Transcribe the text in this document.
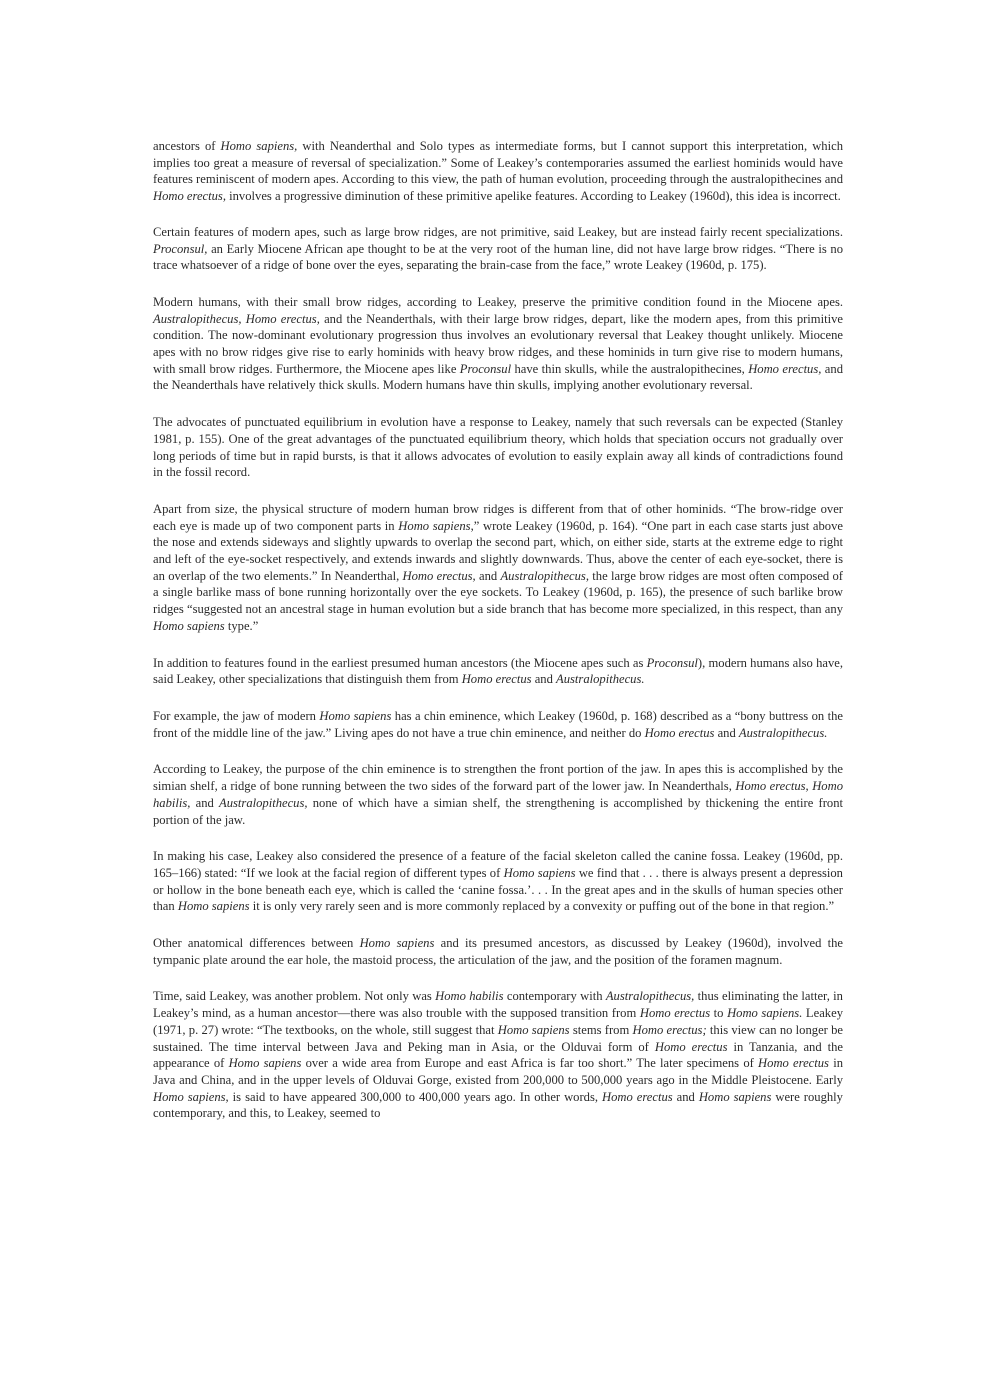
ancestors of Homo sapiens, with Neanderthal and Solo types as intermediate forms, but I cannot support this interpretation, which implies too great a measure of reversal of specialization.” Some of Leakey’s contemporaries assumed the earliest hominids would have features reminiscent of modern apes. According to this view, the path of human evolution, proceeding through the australopithecines and Homo erectus, involves a progressive diminution of these primitive apelike features. According to Leakey (1960d), this idea is incorrect.

Certain features of modern apes, such as large brow ridges, are not primitive, said Leakey, but are instead fairly recent specializations. Proconsul, an Early Miocene African ape thought to be at the very root of the human line, did not have large brow ridges. “There is no trace whatsoever of a ridge of bone over the eyes, separating the brain-case from the face,” wrote Leakey (1960d, p. 175).

Modern humans, with their small brow ridges, according to Leakey, preserve the primitive condition found in the Miocene apes. Australopithecus, Homo erectus, and the Neanderthals, with their large brow ridges, depart, like the modern apes, from this primitive condition. The now-dominant evolutionary progression thus involves an evolutionary reversal that Leakey thought unlikely. Miocene apes with no brow ridges give rise to early hominids with heavy brow ridges, and these hominids in turn give rise to modern humans, with small brow ridges. Furthermore, the Miocene apes like Proconsul have thin skulls, while the australopithecines, Homo erectus, and the Neanderthals have relatively thick skulls. Modern humans have thin skulls, implying another evolutionary reversal.

The advocates of punctuated equilibrium in evolution have a response to Leakey, namely that such reversals can be expected (Stanley 1981, p. 155). One of the great advantages of the punctuated equilibrium theory, which holds that speciation occurs not gradually over long periods of time but in rapid bursts, is that it allows advocates of evolution to easily explain away all kinds of contradictions found in the fossil record.

Apart from size, the physical structure of modern human brow ridges is different from that of other hominids. “The brow-ridge over each eye is made up of two component parts in Homo sapiens,” wrote Leakey (1960d, p. 164). “One part in each case starts just above the nose and extends sideways and slightly upwards to overlap the second part, which, on either side, starts at the extreme edge to right and left of the eye-socket respectively, and extends inwards and slightly downwards. Thus, above the center of each eye-socket, there is an overlap of the two elements.” In Neanderthal, Homo erectus, and Australopithecus, the large brow ridges are most often composed of a single barlike mass of bone running horizontally over the eye sockets. To Leakey (1960d, p. 165), the presence of such barlike brow ridges “suggested not an ancestral stage in human evolution but a side branch that has become more specialized, in this respect, than any Homo sapiens type.”

In addition to features found in the earliest presumed human ancestors (the Miocene apes such as Proconsul), modern humans also have, said Leakey, other specializations that distinguish them from Homo erectus and Australopithecus.

For example, the jaw of modern Homo sapiens has a chin eminence, which Leakey (1960d, p. 168) described as a “bony buttress on the front of the middle line of the jaw.” Living apes do not have a true chin eminence, and neither do Homo erectus and Australopithecus.

According to Leakey, the purpose of the chin eminence is to strengthen the front portion of the jaw. In apes this is accomplished by the simian shelf, a ridge of bone running between the two sides of the forward part of the lower jaw. In Neanderthals, Homo erectus, Homo habilis, and Australopithecus, none of which have a simian shelf, the strengthening is accomplished by thickening the entire front portion of the jaw.

In making his case, Leakey also considered the presence of a feature of the facial skeleton called the canine fossa. Leakey (1960d, pp. 165–166) stated: “If we look at the facial region of different types of Homo sapiens we find that . . . there is always present a depression or hollow in the bone beneath each eye, which is called the ‘canine fossa.’. . . In the great apes and in the skulls of human species other than Homo sapiens it is only very rarely seen and is more commonly replaced by a convexity or puffing out of the bone in that region.”

Other anatomical differences between Homo sapiens and its presumed ancestors, as discussed by Leakey (1960d), involved the tympanic plate around the ear hole, the mastoid process, the articulation of the jaw, and the position of the foramen magnum.

Time, said Leakey, was another problem. Not only was Homo habilis contemporary with Australopithecus, thus eliminating the latter, in Leakey’s mind, as a human ancestor—there was also trouble with the supposed transition from Homo erectus to Homo sapiens. Leakey (1971, p. 27) wrote: “The textbooks, on the whole, still suggest that Homo sapiens stems from Homo erectus; this view can no longer be sustained. The time interval between Java and Peking man in Asia, or the Olduvai form of Homo erectus in Tanzania, and the appearance of Homo sapiens over a wide area from Europe and east Africa is far too short.” The later specimens of Homo erectus in Java and China, and in the upper levels of Olduvai Gorge, existed from 200,000 to 500,000 years ago in the Middle Pleistocene. Early Homo sapiens, is said to have appeared 300,000 to 400,000 years ago. In other words, Homo erectus and Homo sapiens were roughly contemporary, and this, to Leakey, seemed to
